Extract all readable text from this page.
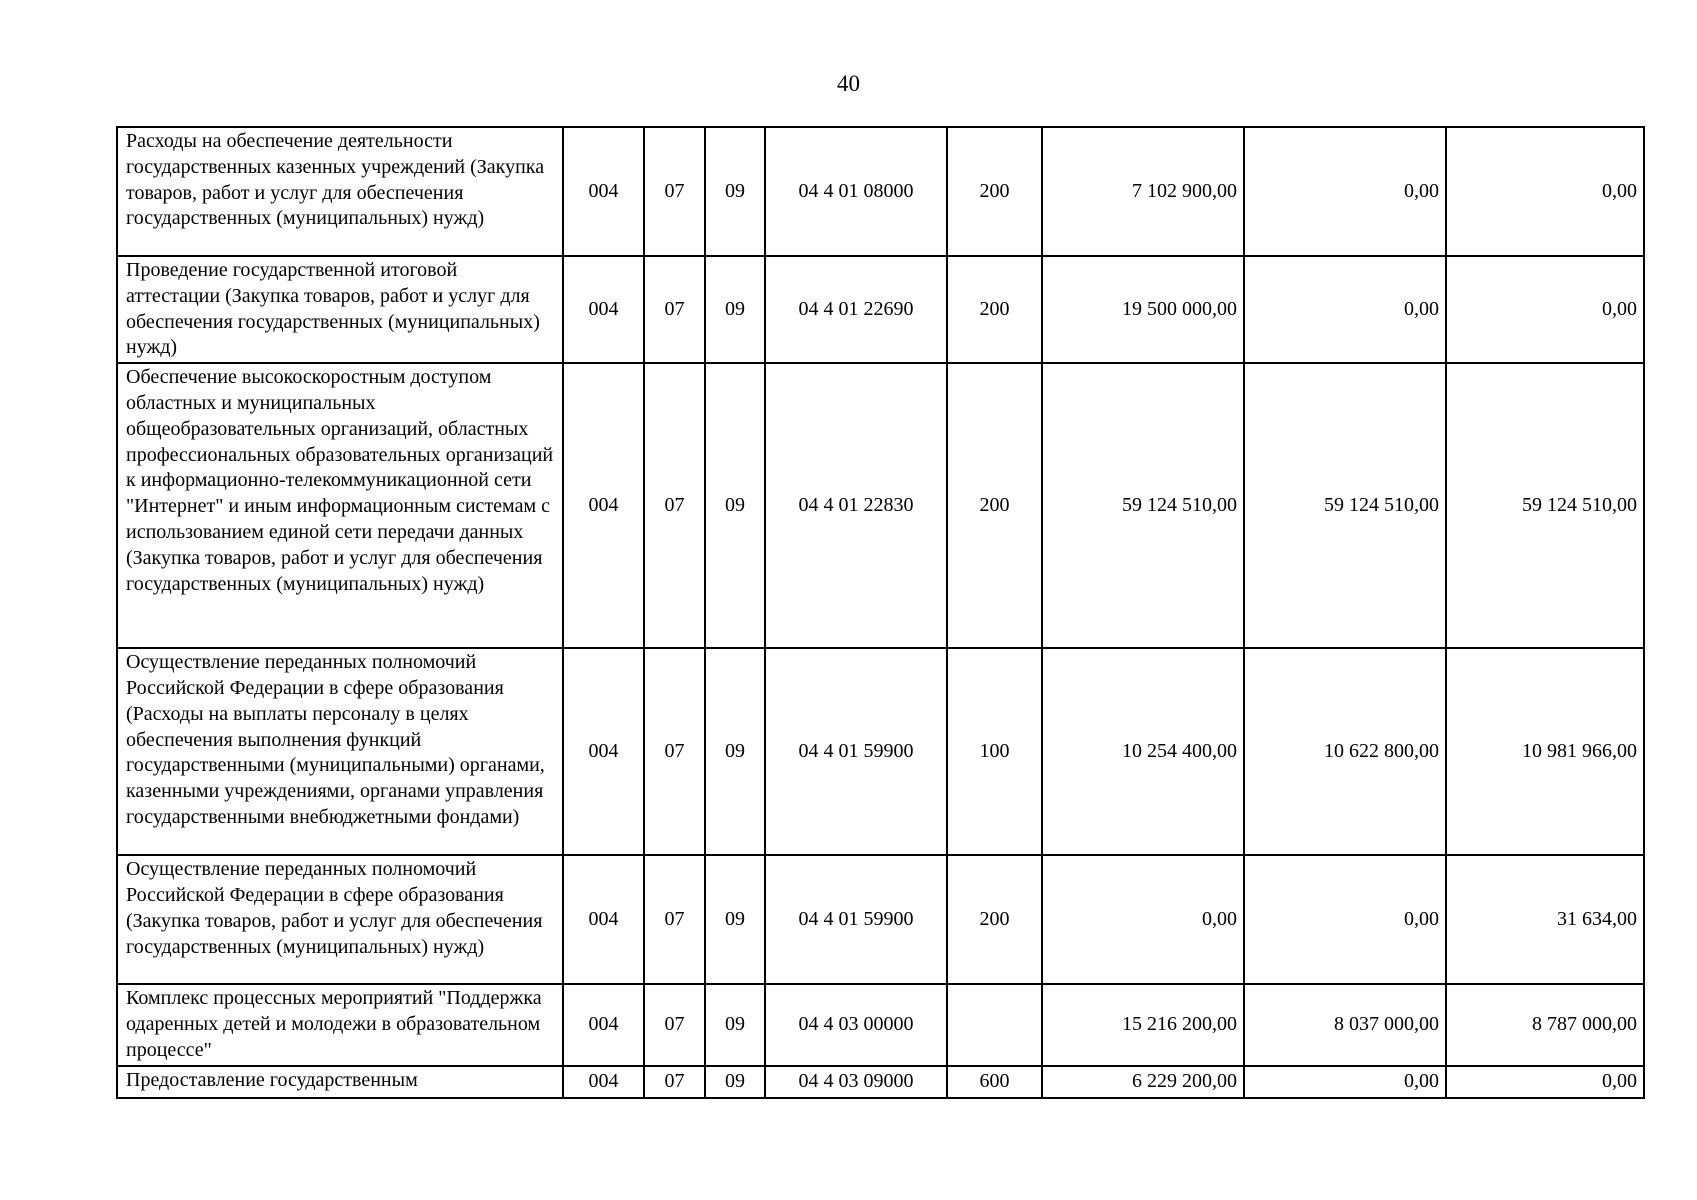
40
Расходы на обеспечение деятельности государственных казенных учреждений (Закупка товаров, работ и услуг для обеспечения государственных (муниципальных) нужд)	004	07	09	04 4 01 08000	200	7 102 900,00	0,00	0,00
Проведение государственной итоговой аттестации (Закупка товаров, работ и услуг для обеспечения государственных (муниципальных) нужд)	004	07	09	04 4 01 22690	200	19 500 000,00	0,00	0,00
Обеспечение высокоскоростным доступом областных и муниципальных общеобразовательных организаций, областных профессиональных образовательных организаций к информационно-телекоммуникационной сети "Интернет" и иным информационным системам с использованием единой сети передачи данных (Закупка товаров, работ и услуг для обеспечения государственных (муниципальных) нужд)	004	07	09	04 4 01 22830	200	59 124 510,00	59 124 510,00	59 124 510,00
Осуществление переданных полномочий Российской Федерации в сфере образования (Расходы на выплаты персоналу в целях обеспечения выполнения функций государственными (муниципальными) органами, казенными учреждениями, органами управления государственными внебюджетными фондами)	004	07	09	04 4 01 59900	100	10 254 400,00	10 622 800,00	10 981 966,00
Осуществление переданных полномочий Российской Федерации в сфере образования (Закупка товаров, работ и услуг для обеспечения государственных (муниципальных) нужд)	004	07	09	04 4 01 59900	200	0,00	0,00	31 634,00
Комплекс процессных мероприятий "Поддержка одаренных детей и молодежи в образовательном процессе"	004	07	09	04 4 03 00000		15 216 200,00	8 037 000,00	8 787 000,00
Предоставление государственным	004	07	09	04 4 03 09000	600	6 229 200,00	0,00	0,00
